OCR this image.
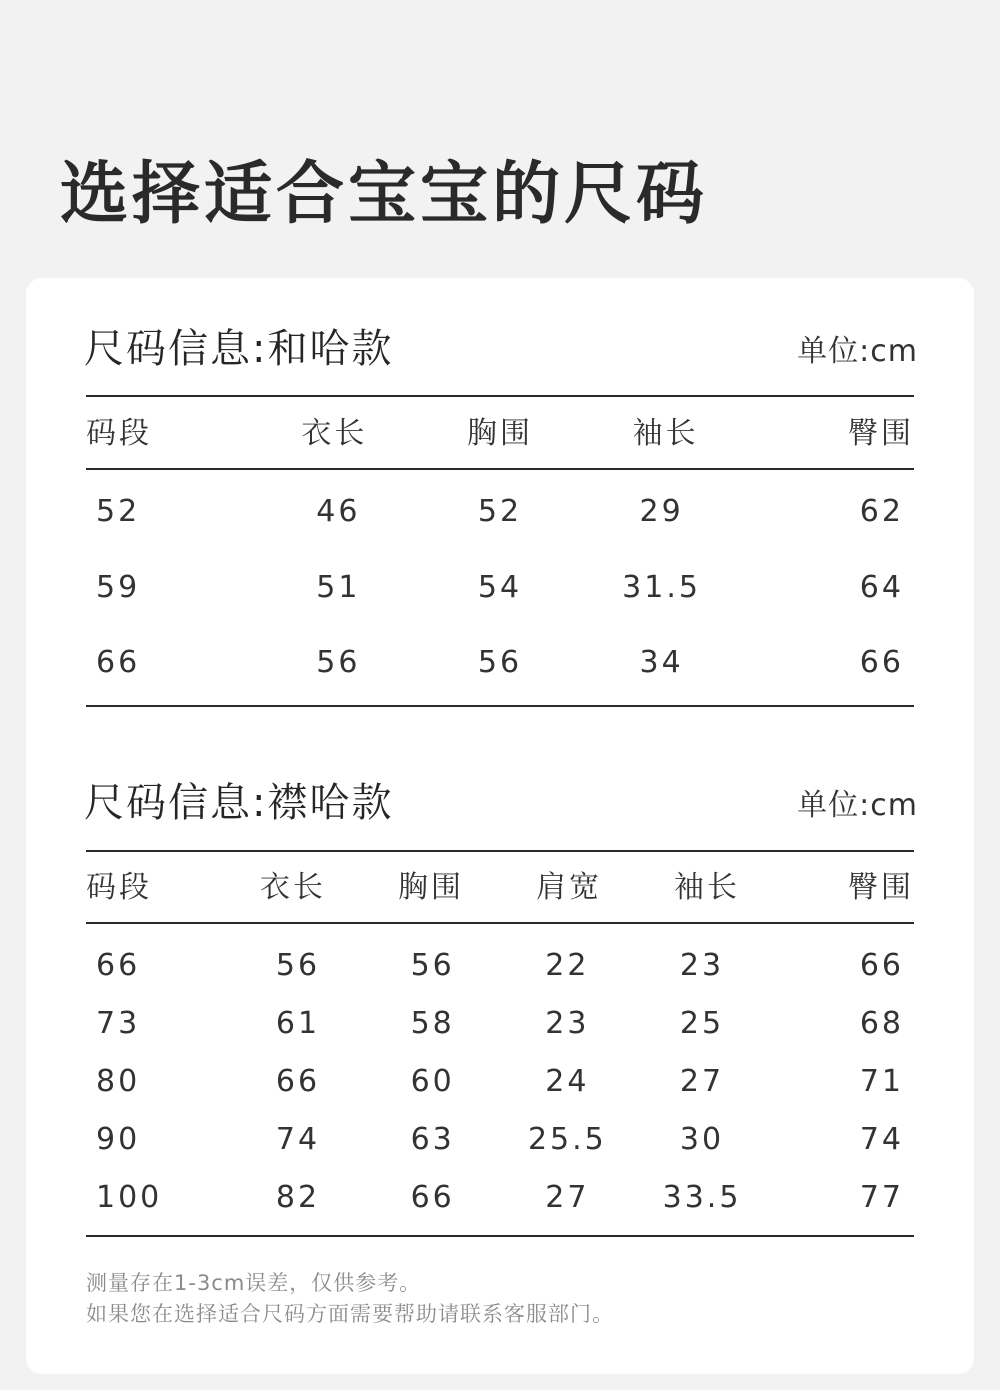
选择适合宝宝的尺码
尺码信息:和哈款	单位:cm
码段	衣长	胸围	袖长	臀围
52	46	52	29	62
59	51	54	31.5	64
66	56	56	34	66
尺码信息:襟哈款	单位:cm
码段	衣长	胸围	肩宽	袖长	臀围
66	56	56	22	23	66
73	61	58	23	25	68
80	66	60	24	27	71
90	74	63	25.5	30	74
100	82	66	27	33.5	77
测量存在1-3cm误差，仅供参考。
如果您在选择适合尺码方面需要帮助请联系客服部门。
